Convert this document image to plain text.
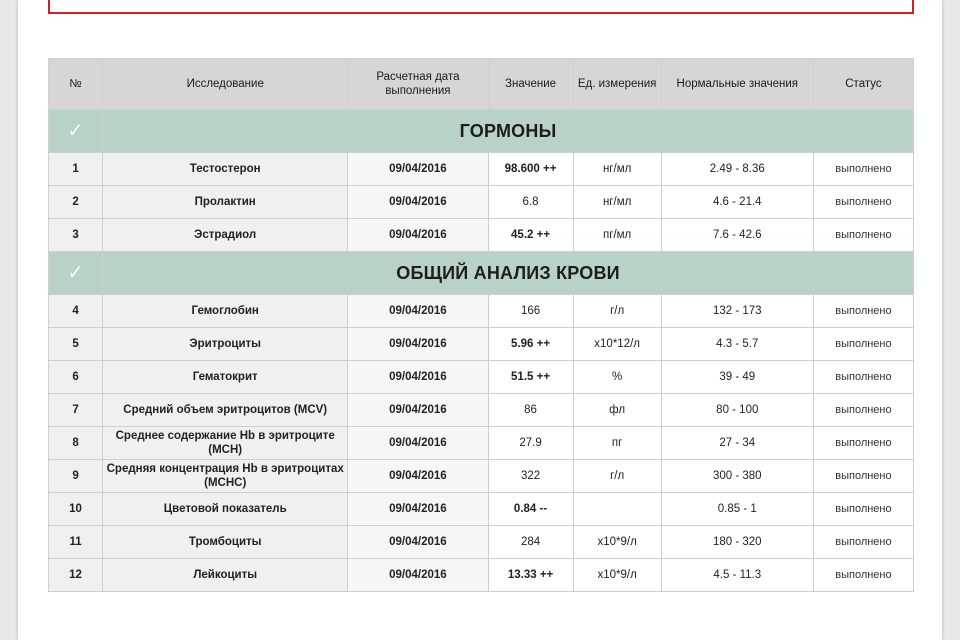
№	Исследование	Расчетная дата выполнения	Значение	Ед. измерения	Нормальные значения	Статус
✓	ГОРМОНЫ					
1	Тестостерон	09/04/2016	98.600 ++	нг/мл	2.49 - 8.36	выполнено
2	Пролактин	09/04/2016	6.8	нг/мл	4.6 - 21.4	выполнено
3	Эстрадиол	09/04/2016	45.2 ++	пг/мл	7.6 - 42.6	выполнено
✓	ОБЩИЙ АНАЛИЗ КРОВИ					
4	Гемоглобин	09/04/2016	166	г/л	132 - 173	выполнено
5	Эритроциты	09/04/2016	5.96 ++	х10*12/л	4.3 - 5.7	выполнено
6	Гематокрит	09/04/2016	51.5 ++	%	39 - 49	выполнено
7	Средний объем эритроцитов (MCV)	09/04/2016	86	фл	80 - 100	выполнено
8	Среднее содержание Hb в эритроците (MCH)	09/04/2016	27.9	пг	27 - 34	выполнено
9	Средняя концентрация Hb в эритроцитах (MCHC)	09/04/2016	322	г/л	300 - 380	выполнено
10	Цветовой показатель	09/04/2016	0.84 --		0.85 - 1	выполнено
11	Тромбоциты	09/04/2016	284	х10*9/л	180 - 320	выполнено
12	Лейкоциты	09/04/2016	13.33 ++	х10*9/л	4.5 - 11.3	выполнено
